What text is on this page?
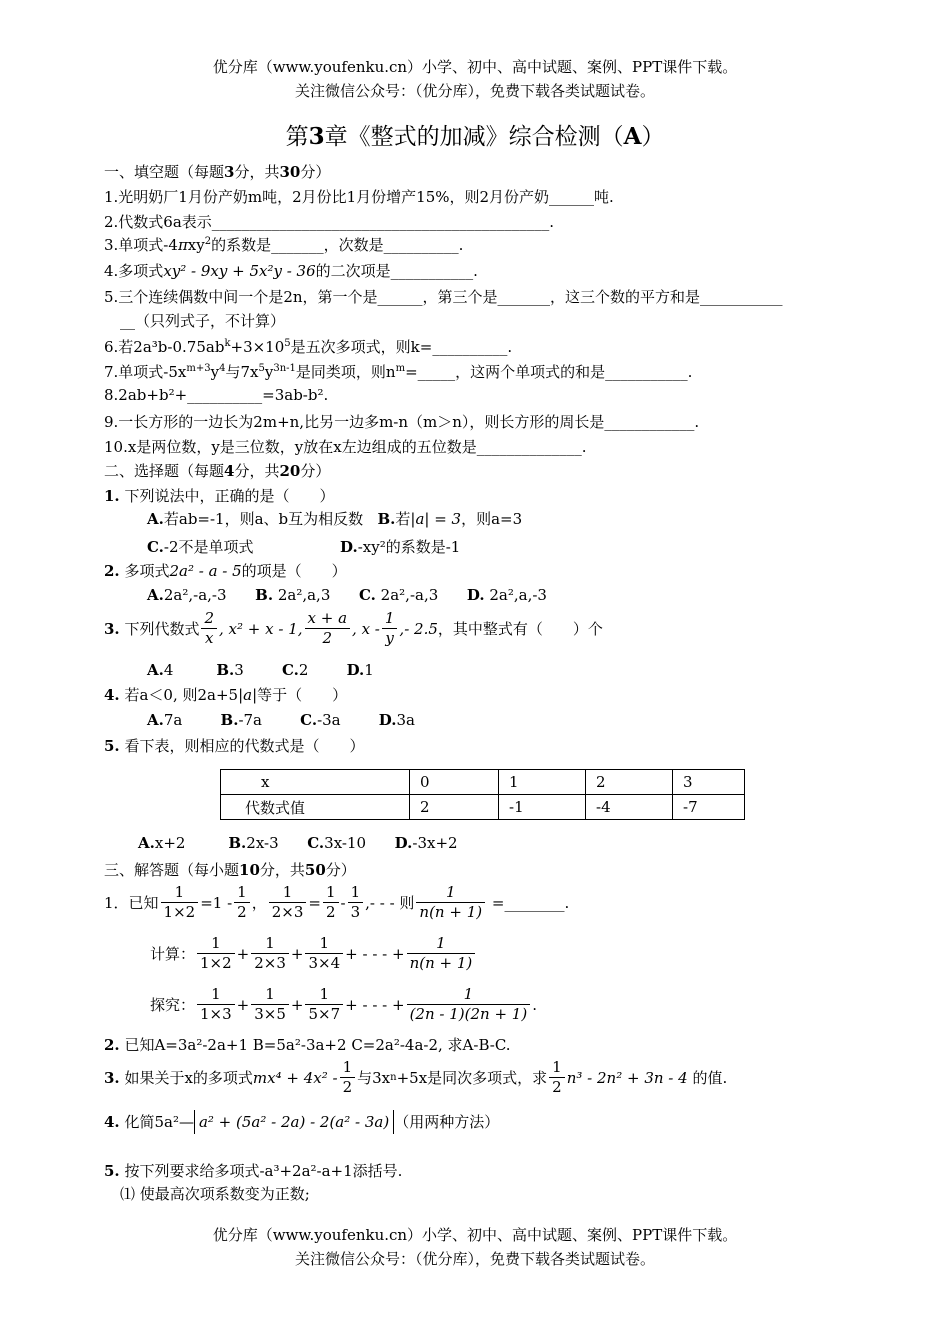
优分库（www.youfenku.cn）小学、初中、高中试题、案例、PPT课件下载。
关注微信公众号：（优分库），免费下载各类试题试卷。
第3章《整式的加减》综合检测（A）
一、填空题（每题3分，共30分）
1.光明奶厂1月份产奶m吨，2月份比1月份增产15%，则2月份产奶______吨.
2.代数式6a表示_____________________________________________.
3.单项式-4πxy$^2$的系数是_______，次数是__________.
4.多项式xy² - 9xy + 5x²y - 36的二次项是___________.
5.三个连续偶数中间一个是2n，第一个是______，第三个是_______，这三个数的平方和是___________
__（只列式子，不计算）
6.若$2a^3b-0.75ab^k+3\times 10^5$是五次多项式，则k=__________.
7.单项式$-5x^{m+3}y^4$与$7x^5y^{3n-1}$是同类项，则$n^m=\_\_\_\_\_$，这两个单项式的和是___________.
8.2ab+b²+__________=3ab-b².
9.一长方形的一边长为2m+n,比另一边多m-n（m＞n），则长方形的周长是____________.
10.x是两位数，y是三位数，y放在x左边组成的五位数是______________.
二、选择题（每题4分，共20分）
1. 下列说法中，正确的是（　　）
A.若ab=-1，则a、b互为相反数 B.若|a| = 3，则a=3
C.-2不是单项式	D.-xy²的系数是-1
2. 多项式2a² - a - 5的项是（　　）
A.2a²,-a,-3 B. 2a²,a,3 C. 2a²,-a,3 D. 2a²,a,-3
3.
下列代数式 $\frac{2}{x}$ , x² + x - 1, $\frac{x + a}{2}$ , x - $\frac{1}{y}$ ,- 2.5 ，其中整式有（　　）个
A.4	B.3	C.2	D.1
4. 若a＜0, 则2a+5|a|等于（　　）
A.7a	B.-7a	C.-3a	D.3a
5. 看下表，则相应的代数式是（　　）
x	0	1	2	3
代数式值	2	-1	-4	-7
A.x+2	B.2x-3 C.3x-10 D.-3x+2
三、解答题（每小题10分，共50分）
1．已知 $\frac{1}{1\times 2} =1 - \frac{1}{2}$ ， $\frac{1}{2\times 3} = \frac{1}{2} - \frac{1}{3}$ ,- - - 则 $\frac{1}{n(n + 1)}$
=________.
计算： $\frac{1}{1\times 2} + \frac{1}{2\times 3} + \frac{1}{3\times 4}$ + - - - + $\frac{1}{n(n + 1)}$
探究： $\frac{1}{1\times 3} + \frac{1}{3\times 5} + \frac{1}{5\times 7}$ + - - - + $\frac{1}{(2n - 1)(2n + 1)}$ .
2. 已知A=3a²-2a+1 B=5a²-3a+2 C=2a²-4a-2, 求A-B-C.
3.
如果关于x的多项式 $mx^4 + 4x^2 - \frac{1}{2}$ 与3x n +5x是同次多项式，求 $\frac{1}{2} n^3 - 2n^2 + 3n - 4$
的值.
4. 化简5a²— a² + (5a² - 2a) - 2(a² - 3a) （用两种方法）
5. 按下列要求给多项式-a³+2a²-a+1添括号.
⑴ 使最高次项系数变为正数;
优分库（www.youfenku.cn）小学、初中、高中试题、案例、PPT课件下载。
关注微信公众号：（优分库），免费下载各类试题试卷。
